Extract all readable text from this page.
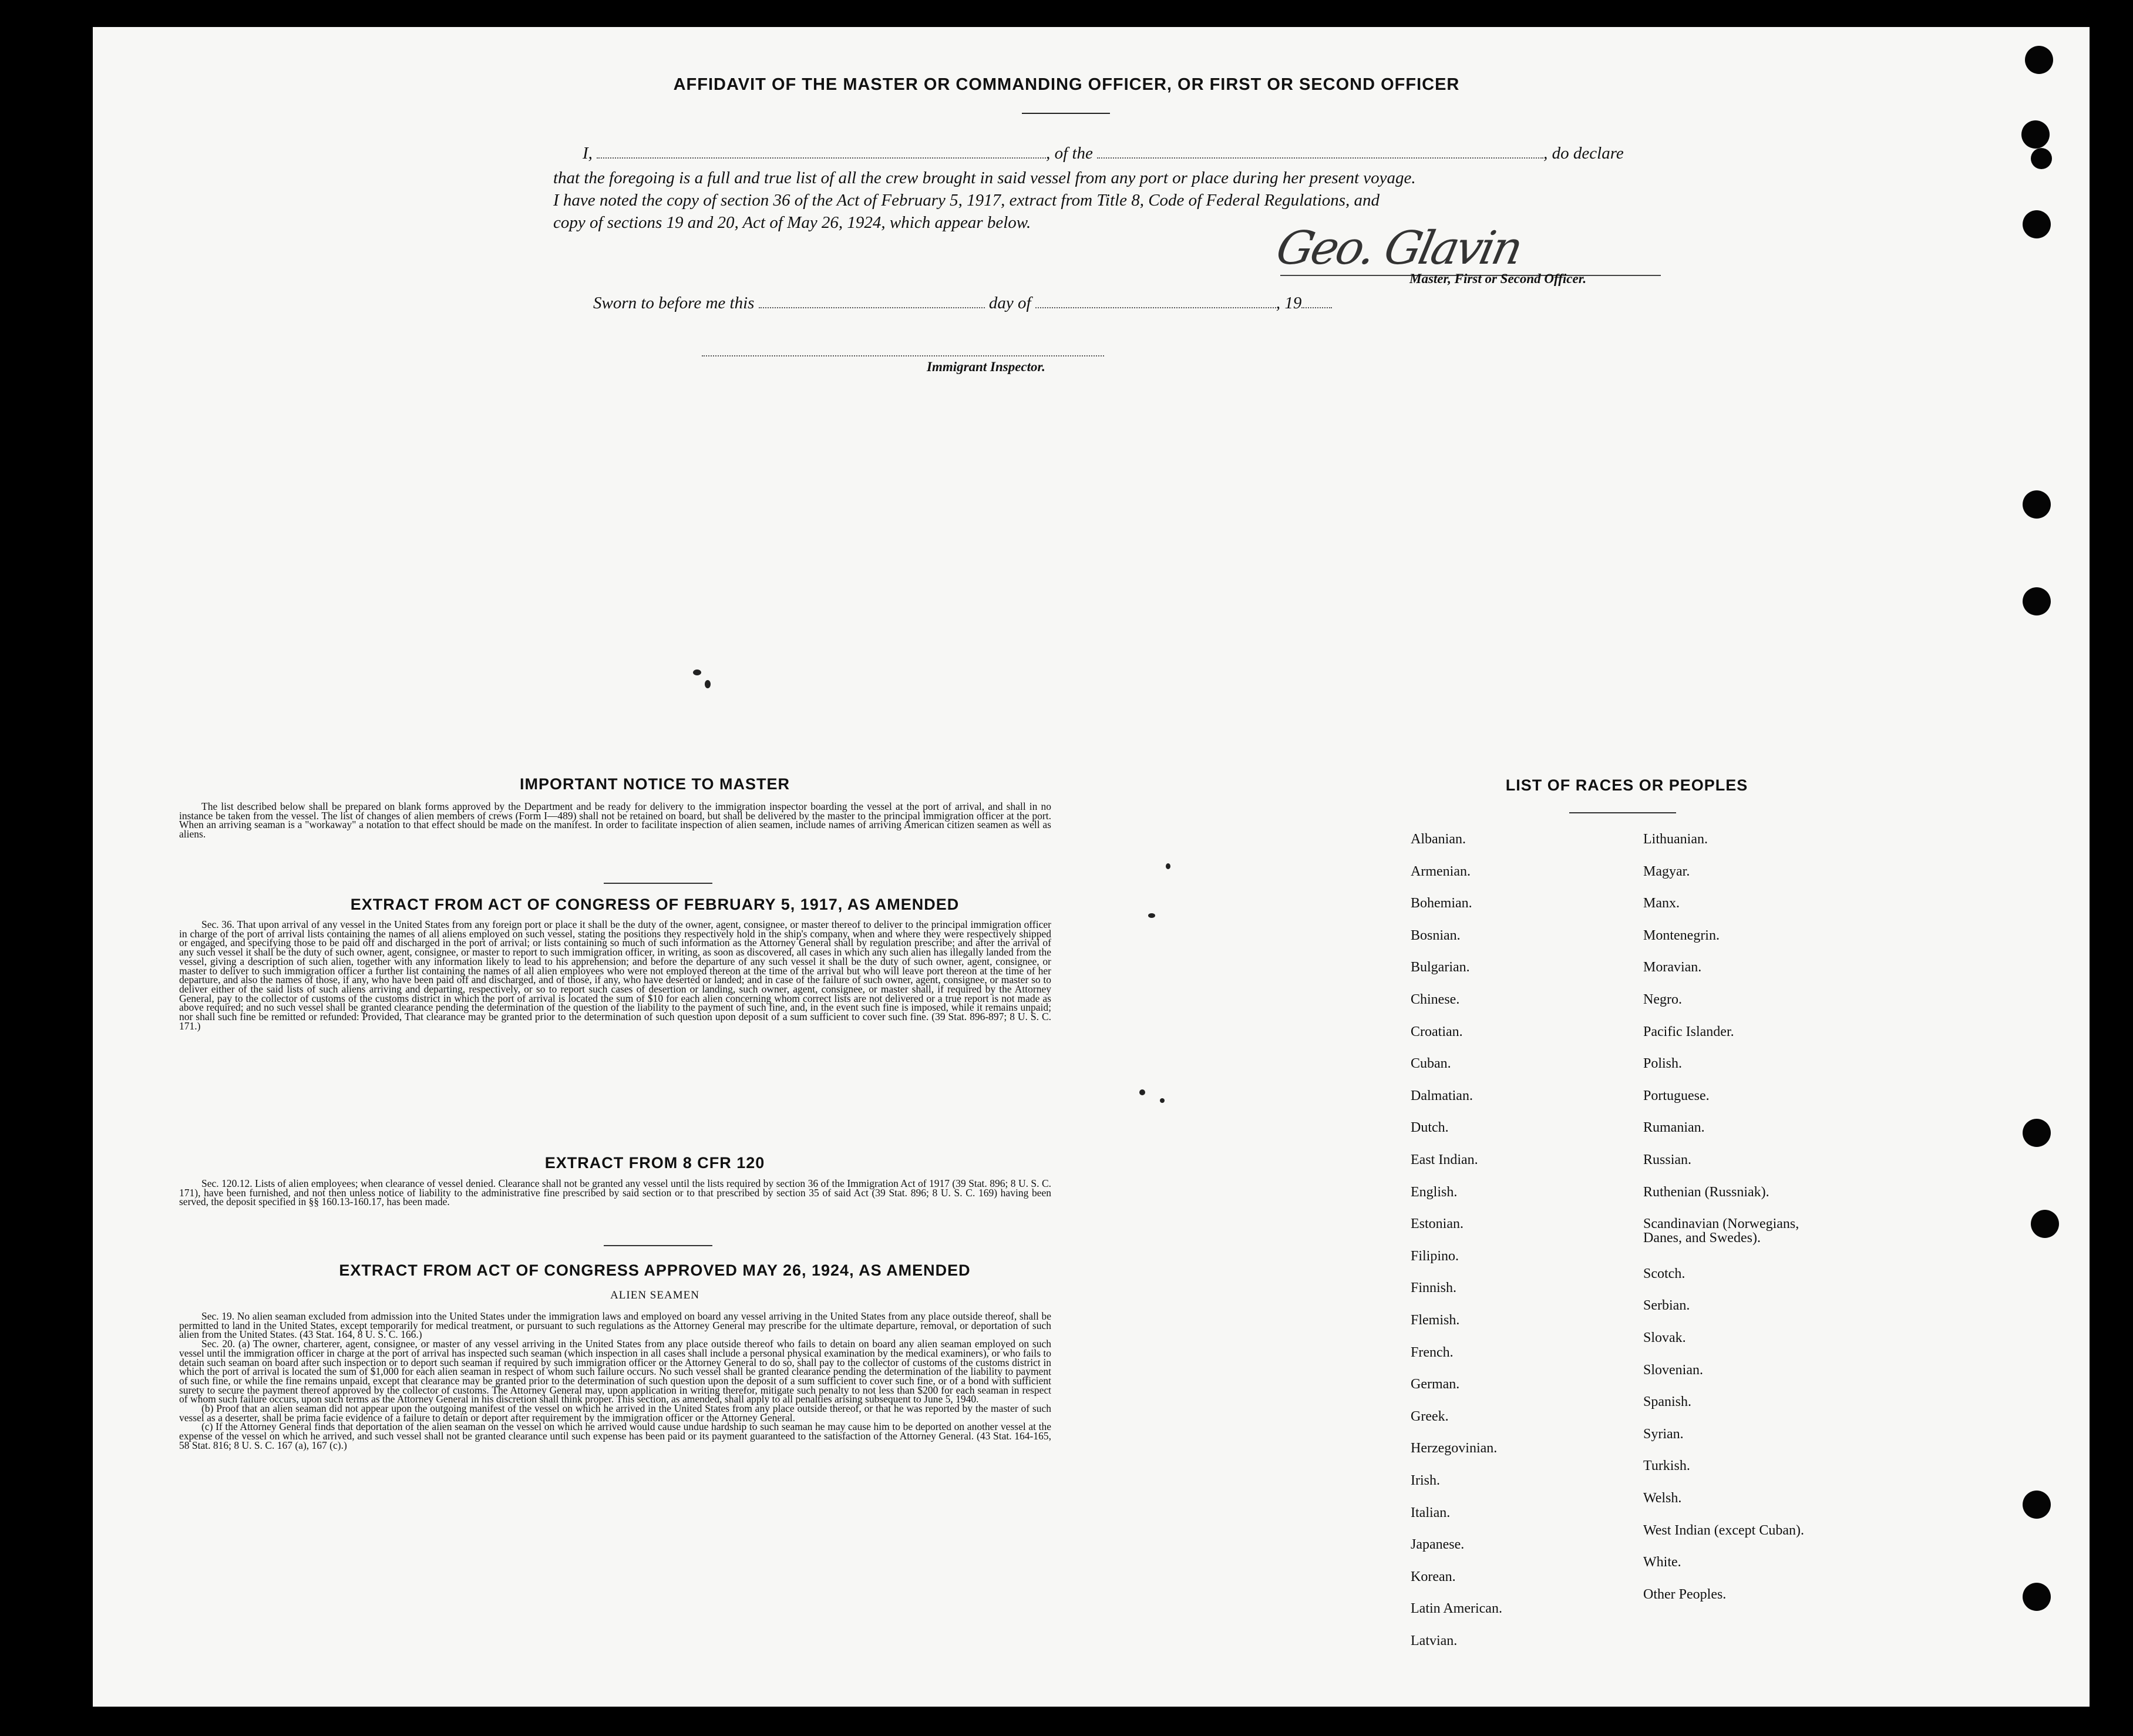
AFFIDAVIT OF THE MASTER OR COMMANDING OFFICER, OR FIRST OR SECOND OFFICER
I,	, of the	, do declare
that the foregoing is a full and true list of all the crew brought in said vessel from any port or place during her present voyage.
I have noted the copy of section 36 of the Act of February 5, 1917, extract from Title 8, Code of Federal Regulations, and
copy of sections 19 and 20, Act of May 26, 1924, which appear below.	Geo. Glavin
Master, First or Second Officer.
Sworn to before me this	day of	, 19
Immigrant Inspector.
IMPORTANT NOTICE TO MASTER
The list described below shall be prepared on blank forms approved by the Department and be ready for delivery to the immigration inspector boarding the vessel at the port of arrival, and shall in no instance be taken from the vessel. The list of changes of alien members of crews (Form I—489) shall not be retained on board, but shall be delivered by the master to the principal immigration officer at the port. When an arriving seaman is a "workaway" a notation to that effect should be made on the manifest. In order to facilitate inspection of alien seamen, include names of arriving American citizen seamen as well as aliens.
EXTRACT FROM ACT OF CONGRESS OF FEBRUARY 5, 1917, AS AMENDED
Sec. 36. That upon arrival of any vessel in the United States from any foreign port or place it shall be the duty of the owner, agent, consignee, or master thereof to deliver to the principal immigration officer in charge of the port of arrival lists containing the names of all aliens employed on such vessel, stating the positions they respectively hold in the ship's company, when and where they were respectively shipped or engaged, and specifying those to be paid off and discharged in the port of arrival; or lists containing so much of such information as the Attorney General shall by regulation prescribe; and after the arrival of any such vessel it shall be the duty of such owner, agent, consignee, or master to report to such immigration officer, in writing, as soon as discovered, all cases in which any such alien has illegally landed from the vessel, giving a description of such alien, together with any information likely to lead to his apprehension; and before the departure of any such vessel it shall be the duty of such owner, agent, consignee, or master to deliver to such immigration officer a further list containing the names of all alien employees who were not employed thereon at the time of the arrival but who will leave port thereon at the time of her departure, and also the names of those, if any, who have been paid off and discharged, and of those, if any, who have deserted or landed; and in case of the failure of such owner, agent, consignee, or master so to deliver either of the said lists of such aliens arriving and departing, respectively, or so to report such cases of desertion or landing, such owner, agent, consignee, or master shall, if required by the Attorney General, pay to the collector of customs of the customs district in which the port of arrival is located the sum of $10 for each alien concerning whom correct lists are not delivered or a true report is not made as above required; and no such vessel shall be granted clearance pending the determination of the question of the liability to the payment of such fine, and, in the event such fine is imposed, while it remains unpaid; nor shall such fine be remitted or refunded: Provided, That clearance may be granted prior to the determination of such question upon deposit of a sum sufficient to cover such fine. (39 Stat. 896-897; 8 U. S. C. 171.)
EXTRACT FROM 8 CFR 120
Sec. 120.12. Lists of alien employees; when clearance of vessel denied. Clearance shall not be granted any vessel until the lists required by section 36 of the Immigration Act of 1917 (39 Stat. 896; 8 U. S. C. 171), have been furnished, and not then unless notice of liability to the administrative fine prescribed by said section or to that prescribed by section 35 of said Act (39 Stat. 896; 8 U. S. C. 169) having been served, the deposit specified in §§ 160.13-160.17, has been made.
EXTRACT FROM ACT OF CONGRESS APPROVED MAY 26, 1924, AS AMENDED
ALIEN SEAMEN

Sec. 19. No alien seaman excluded from admission into the United States under the immigration laws and employed on board any vessel arriving in the United States from any place outside thereof, shall be permitted to land in the United States, except temporarily for medical treatment, or pursuant to such regulations as the Attorney General may prescribe for the ultimate departure, removal, or deportation of such alien from the United States. (43 Stat. 164, 8 U. S. C. 166.)

Sec. 20. (a) The owner, charterer, agent, consignee, or master of any vessel arriving in the United States from any place outside thereof who fails to detain on board any alien seaman employed on such vessel until the immigration officer in charge at the port of arrival has inspected such seaman (which inspection in all cases shall include a personal physical examination by the medical examiners), or who fails to detain such seaman on board after such inspection or to deport such seaman if required by such immigration officer or the Attorney General to do so, shall pay to the collector of customs of the customs district in which the port of arrival is located the sum of $1,000 for each alien seaman in respect of whom such failure occurs. No such vessel shall be granted clearance pending the determination of the liability to payment of such fine, or while the fine remains unpaid, except that clearance may be granted prior to the determination of such question upon the deposit of a sum sufficient to cover such fine, or of a bond with sufficient surety to secure the payment thereof approved by the collector of customs. The Attorney General may, upon application in writing therefor, mitigate such penalty to not less than $200 for each seaman in respect of whom such failure occurs, upon such terms as the Attorney General in his discretion shall think proper. This section, as amended, shall apply to all penalties arising subsequent to June 5, 1940.

(b) Proof that an alien seaman did not appear upon the outgoing manifest of the vessel on which he arrived in the United States from any place outside thereof, or that he was reported by the master of such vessel as a deserter, shall be prima facie evidence of a failure to detain or deport after requirement by the immigration officer or the Attorney General.

(c) If the Attorney General finds that deportation of the alien seaman on the vessel on which he arrived would cause undue hardship to such seaman he may cause him to be deported on another vessel at the expense of the vessel on which he arrived, and such vessel shall not be granted clearance until such expense has been paid or its payment guaranteed to the satisfaction of the Attorney General. (43 Stat. 164-165, 58 Stat. 816; 8 U. S. C. 167 (a), 167 (c).)

LIST OF RACES OR PEOPLES
Albanian.
Armenian.
Bohemian.
Bosnian.
Bulgarian.
Chinese.
Croatian.
Cuban.
Dalmatian.
Dutch.
East Indian.
English.
Estonian.
Filipino.
Finnish.
Flemish.
French.
German.
Greek.
Herzegovinian.
Irish.
Italian.
Japanese.
Korean.
Latin American.
Latvian.
Lithuanian.
Magyar.
Manx.
Montenegrin.
Moravian.
Negro.
Pacific Islander.
Polish.
Portuguese.
Rumanian.
Russian.
Ruthenian (Russniak).
Scandinavian (Norwegians,
Danes, and Swedes).
Scotch.
Serbian.
Slovak.
Slovenian.
Spanish.
Syrian.
Turkish.
Welsh.
West Indian (except Cuban).
White.
Other Peoples.
